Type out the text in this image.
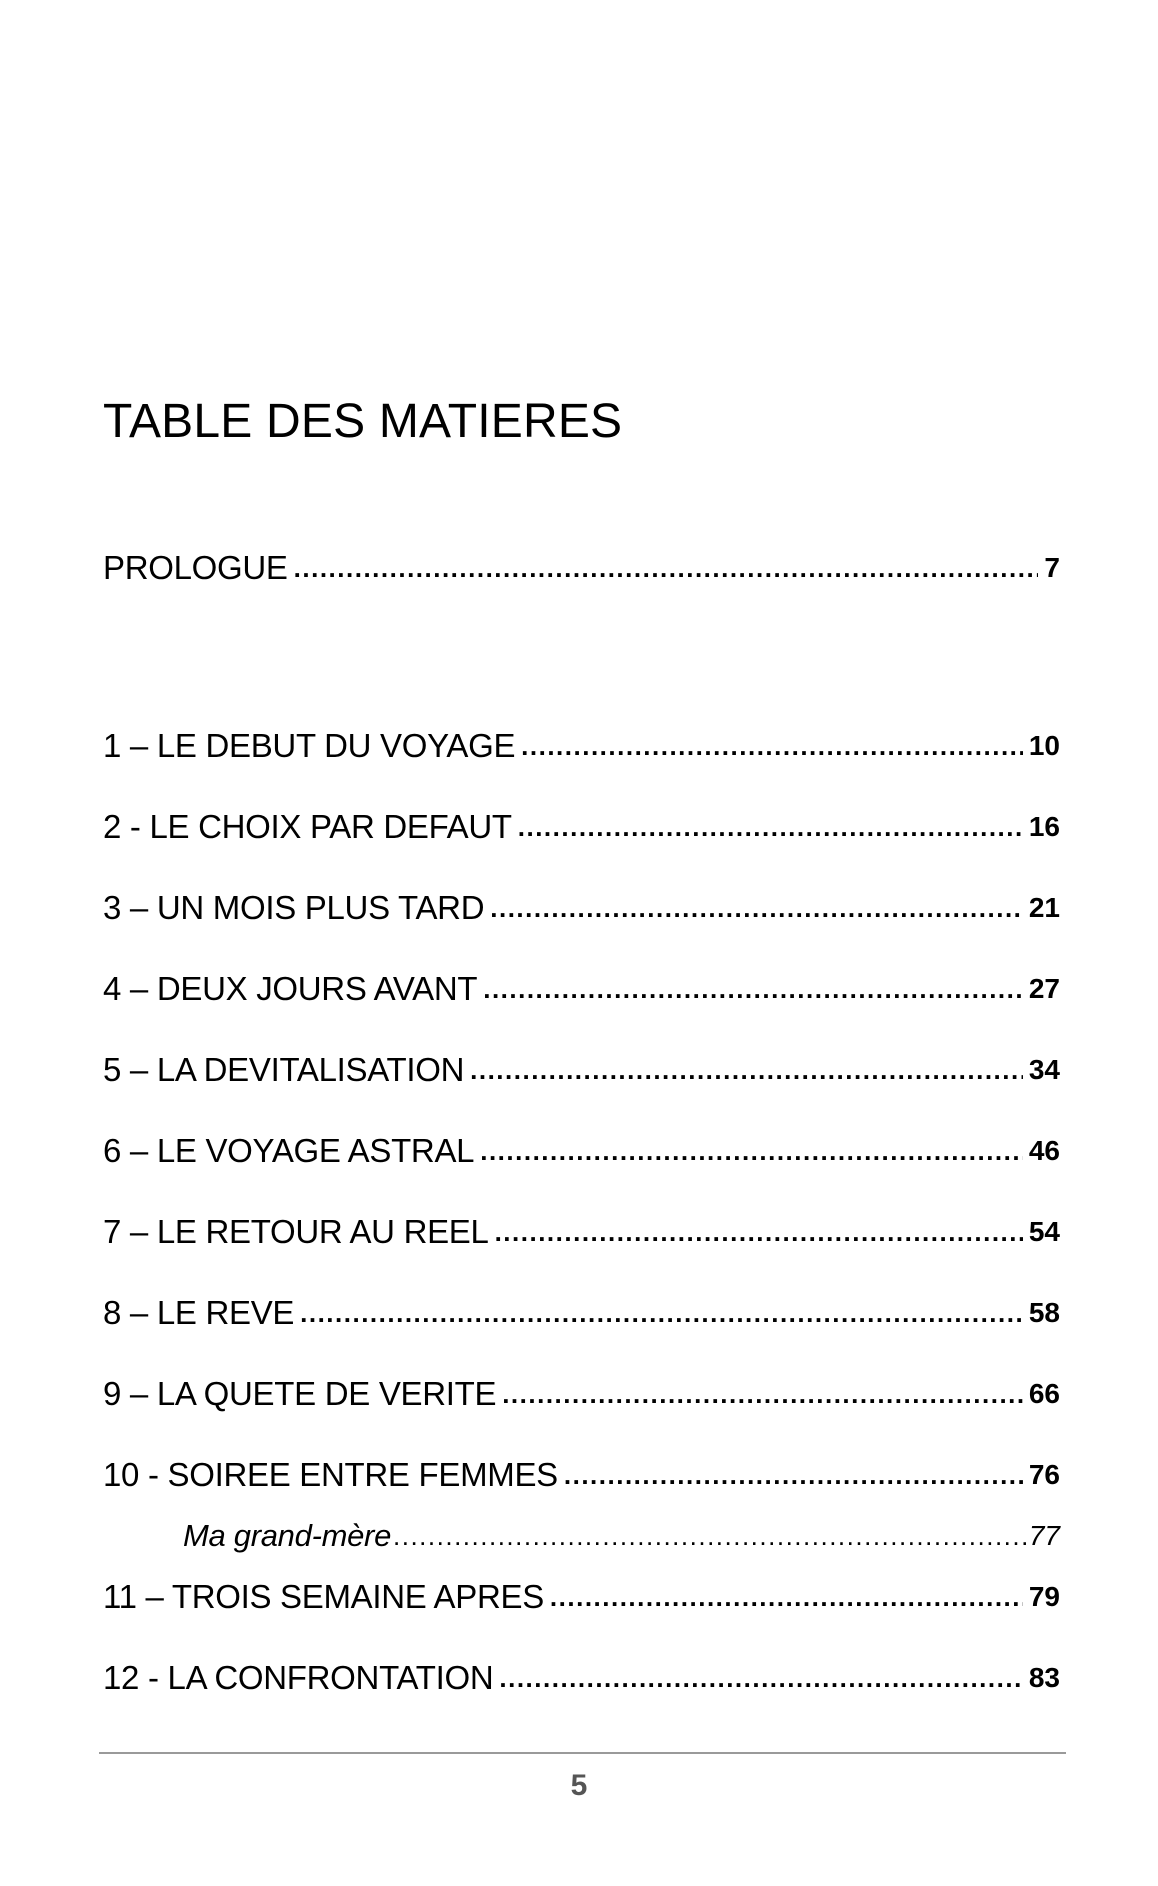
TABLE DES MATIERES
PROLOGUE .....	7
1 – LE DEBUT DU VOYAGE .....	10
2 - LE CHOIX PAR DEFAUT .....	16
3 – UN MOIS PLUS TARD .....	21
4 – DEUX JOURS AVANT .....	27
5 – LA DEVITALISATION .....	34
6 – LE VOYAGE ASTRAL .....	46
7 – LE RETOUR AU REEL .....	54
8 – LE REVE .....	58
9 – LA QUETE DE VERITE .....	66
10 - SOIREE ENTRE FEMMES .....	76
Ma grand-mère .....	77
11 – TROIS SEMAINE APRES .....	79
12 - LA CONFRONTATION .....	83
5
